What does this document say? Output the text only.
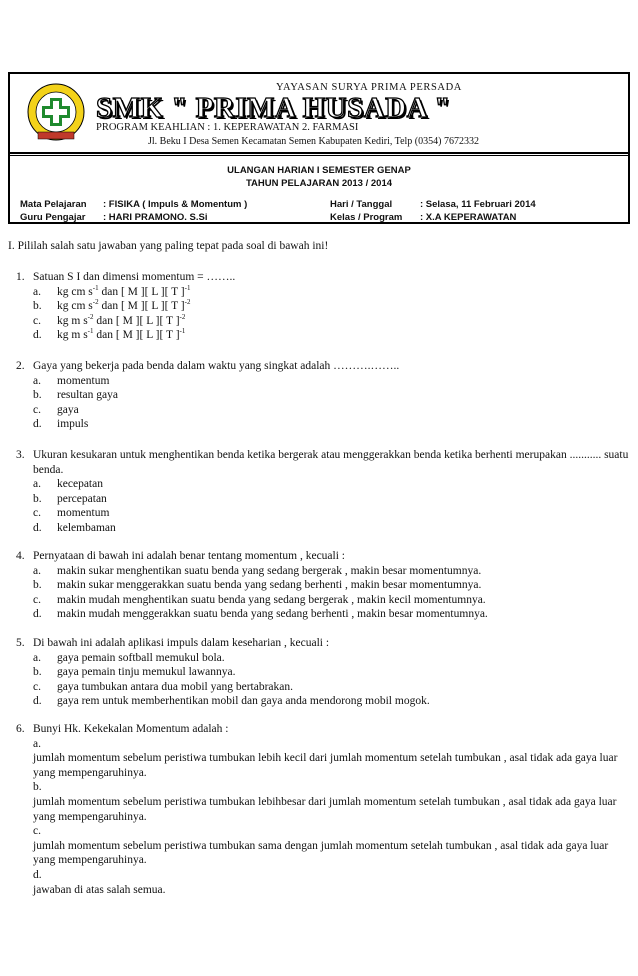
YAYASAN SURYA PRIMA PERSADA
SMK " PRIMA HUSADA "
PROGRAM KEAHLIAN : 1. KEPERAWATAN 2. FARMASI
Jl. Beku I Desa Semen Kecamatan Semen Kabupaten Kediri, Telp (0354) 7672332
ULANGAN HARIAN I SEMESTER GENAP
TAHUN PELAJARAN 2013 / 2014
Mata Pelajaran : FISIKA ( Impuls & Momentum )
Guru Pengajar : HARI PRAMONO. S.Si
Hari / Tanggal	: Selasa, 11 Februari 2014
Kelas / Program : X.A KEPERAWATAN
I. Pililah salah satu jawaban yang paling tepat pada soal di bawah ini!
1. Satuan S I dan dimensi momentum = ……..
a. kg cm $s^{-1}$ dan [ M ][ L ][ T ]$^{-1}$
b. kg cm $s^{-2}$ dan [ M ][ L ][ T ]$^{-2}$
c. kg m $s^{-2}$ dan [ M ][ L ][ T ]$^{-2}$
d. kg m $s^{-1}$ dan [ M ][ L ][ T ]$^{-1}$
2. Gaya yang bekerja pada benda dalam waktu yang singkat adalah ……….……..
a. momentum
b. resultan gaya
c. gaya
d. impuls
3. Ukuran kesukaran untuk menghentikan benda ketika bergerak atau menggerakkan benda ketika berhenti merupakan ........... suatu benda.
a. kecepatan
b. percepatan
c. momentum
d. kelembaman
4. Pernyataan di bawah ini adalah benar tentang momentum , kecuali :
a. makin sukar menghentikan suatu benda yang sedang bergerak , makin besar momentumnya.
b. makin sukar menggerakkan suatu benda yang sedang berhenti , makin besar momentumnya.
c. makin mudah menghentikan suatu benda yang sedang bergerak , makin kecil momentumnya.
d. makin mudah menggerakkan suatu benda yang sedang berhenti , makin besar momentumnya.
5. Di bawah ini adalah aplikasi impuls dalam keseharian , kecuali :
a. gaya pemain softball memukul bola.
b. gaya pemain tinju memukul lawannya.
c. gaya tumbukan antara dua mobil yang bertabrakan.
d. gaya rem untuk memberhentikan mobil dan gaya anda mendorong mobil mogok.
6. Bunyi Hk. Kekekalan Momentum adalah :
a.jumlah momentum sebelum peristiwa tumbukan lebih kecil dari jumlah momentum setelah tumbukan , asal tidak ada gaya luar yang mempengaruhinya.
b.jumlah momentum sebelum peristiwa tumbukan lebihbesar dari jumlah momentum setelah tumbukan , asal tidak ada gaya luar yang mempengaruhinya.
c.jumlah momentum sebelum peristiwa tumbukan sama dengan jumlah momentum setelah tumbukan , asal tidak ada gaya luar yang mempengaruhinya.
d.jawaban di atas salah semua.
